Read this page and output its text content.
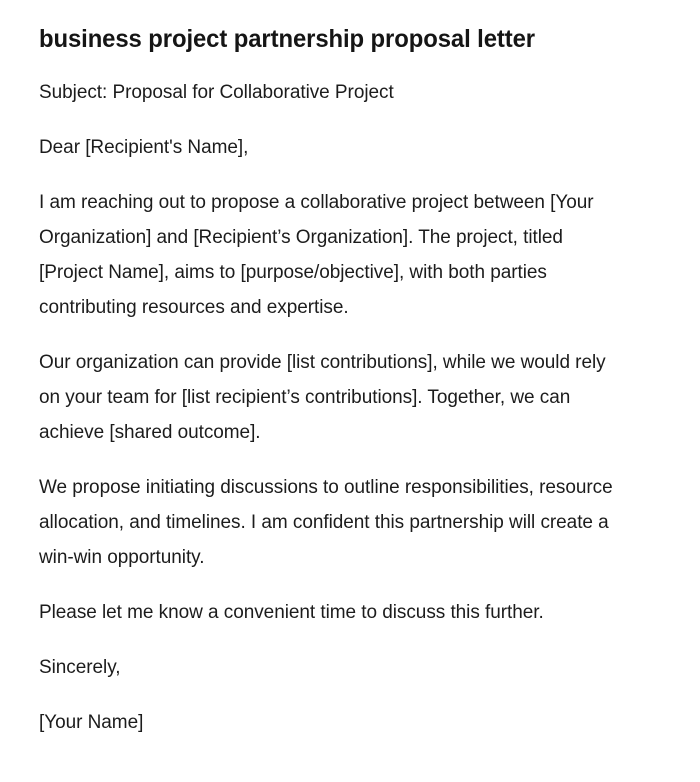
business project partnership proposal letter

Subject: Proposal for Collaborative Project

Dear [Recipient's Name],

I am reaching out to propose a collaborative project between [Your Organization] and [Recipient’s Organization]. The project, titled [Project Name], aims to [purpose/objective], with both parties contributing resources and expertise.

Our organization can provide [list contributions], while we would rely on your team for [list recipient’s contributions]. Together, we can achieve [shared outcome].

We propose initiating discussions to outline responsibilities, resource allocation, and timelines. I am confident this partnership will create a win-win opportunity.

Please let me know a convenient time to discuss this further.

Sincerely,

[Your Name]
